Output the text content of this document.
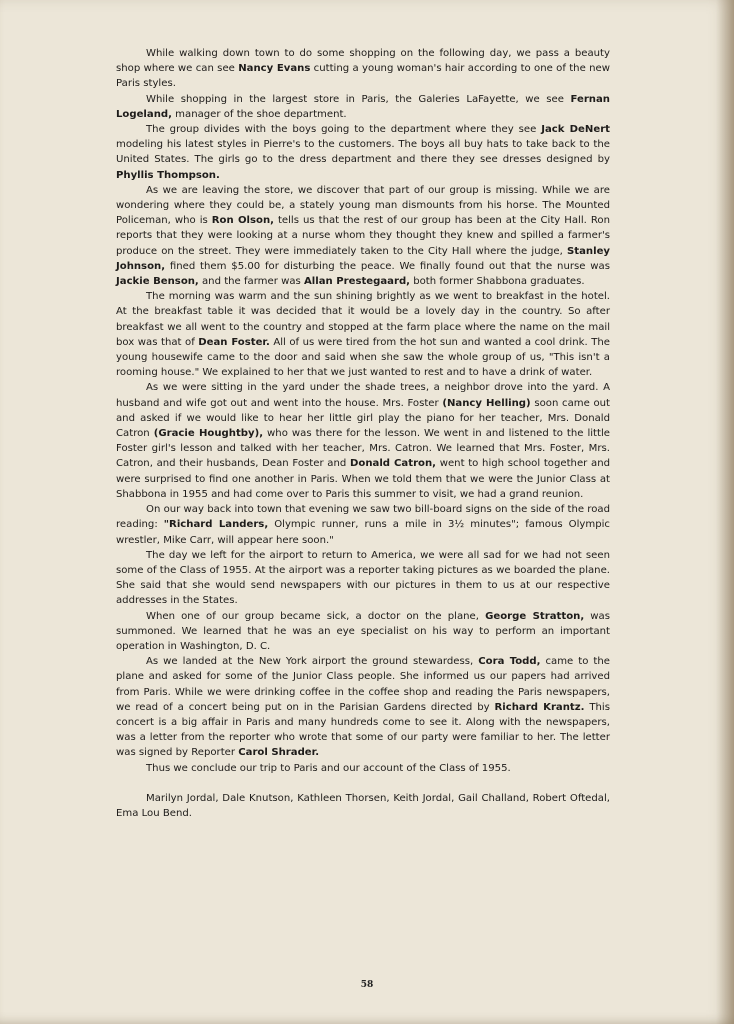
While walking down town to do some shopping on the following day, we pass a beauty shop where we can see Nancy Evans cutting a young woman's hair according to one of the new Paris styles.

While shopping in the largest store in Paris, the Galeries LaFayette, we see Fernan Logeland, manager of the shoe department.

The group divides with the boys going to the department where they see Jack DeNert modeling his latest styles in Pierre's to the customers. The boys all buy hats to take back to the United States. The girls go to the dress department and there they see dresses designed by Phyllis Thompson.

As we are leaving the store, we discover that part of our group is missing. While we are wondering where they could be, a stately young man dismounts from his horse. The Mounted Policeman, who is Ron Olson, tells us that the rest of our group has been at the City Hall. Ron reports that they were looking at a nurse whom they thought they knew and spilled a farmer's produce on the street. They were immediately taken to the City Hall where the judge, Stanley Johnson, fined them $5.00 for disturbing the peace. We finally found out that the nurse was Jackie Benson, and the farmer was Allan Prestegaard, both former Shabbona graduates.

The morning was warm and the sun shining brightly as we went to breakfast in the hotel. At the breakfast table it was decided that it would be a lovely day in the country. So after breakfast we all went to the country and stopped at the farm place where the name on the mail box was that of Dean Foster. All of us were tired from the hot sun and wanted a cool drink. The young housewife came to the door and said when she saw the whole group of us, "This isn't a rooming house." We explained to her that we just wanted to rest and to have a drink of water.

As we were sitting in the yard under the shade trees, a neighbor drove into the yard. A husband and wife got out and went into the house. Mrs. Foster (Nancy Helling) soon came out and asked if we would like to hear her little girl play the piano for her teacher, Mrs. Donald Catron (Gracie Houghtby), who was there for the lesson. We went in and listened to the little Foster girl's lesson and talked with her teacher, Mrs. Catron. We learned that Mrs. Foster, Mrs. Catron, and their husbands, Dean Foster and Donald Catron, went to high school together and were surprised to find one another in Paris. When we told them that we were the Junior Class at Shabbona in 1955 and had come over to Paris this summer to visit, we had a grand reunion.

On our way back into town that evening we saw two bill-board signs on the side of the road reading: "Richard Landers, Olympic runner, runs a mile in 3½ minutes"; famous Olympic wrestler, Mike Carr, will appear here soon."

The day we left for the airport to return to America, we were all sad for we had not seen some of the Class of 1955. At the airport was a reporter taking pictures as we boarded the plane. She said that she would send newspapers with our pictures in them to us at our respective addresses in the States.

When one of our group became sick, a doctor on the plane, George Stratton, was summoned. We learned that he was an eye specialist on his way to perform an important operation in Washington, D. C.

As we landed at the New York airport the ground stewardess, Cora Todd, came to the plane and asked for some of the Junior Class people. She informed us our papers had arrived from Paris. While we were drinking coffee in the coffee shop and reading the Paris newspapers, we read of a concert being put on in the Parisian Gardens directed by Richard Krantz. This concert is a big affair in Paris and many hundreds come to see it. Along with the newspapers, was a letter from the reporter who wrote that some of our party were familiar to her. The letter was signed by Reporter Carol Shrader.

Thus we conclude our trip to Paris and our account of the Class of 1955.

Marilyn Jordal, Dale Knutson, Kathleen Thorsen, Keith Jordal, Gail Challand, Robert Oftedal, Ema Lou Bend.

58
